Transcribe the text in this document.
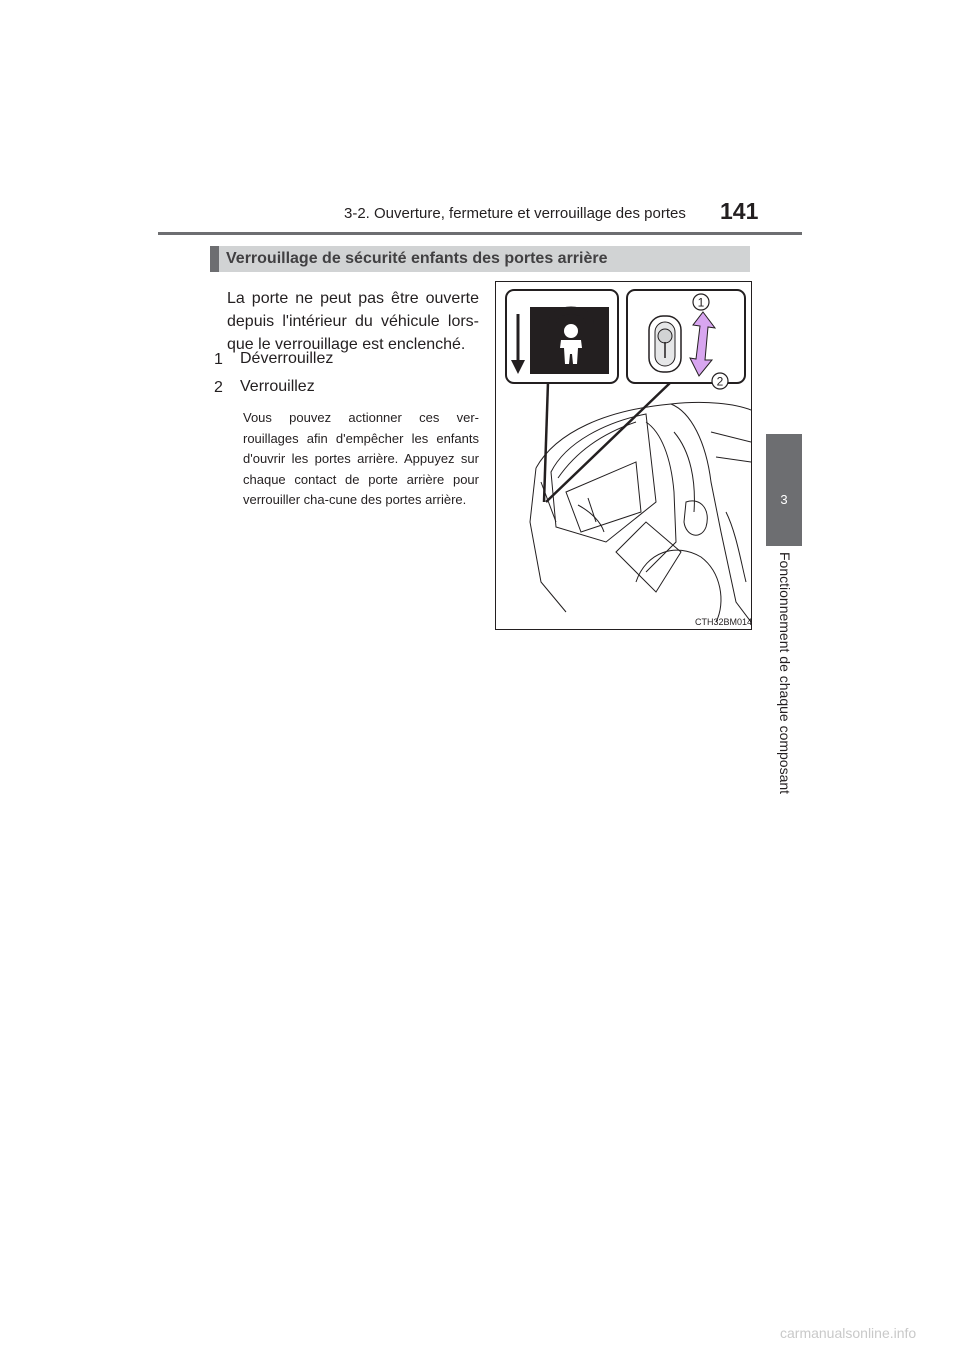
3-2. Ouverture, fermeture et verrouillage des portes 141
3
Fonctionnement de chaque composant
Verrouillage de sécurité enfants des portes arrière
La porte ne peut pas être ouverte depuis l'intérieur du véhicule lors-que le verrouillage est enclenché.
1 Déverrouillez
2 Verrouillez
Vous pouvez actionner ces ver-rouillages afin d'empêcher les enfants d'ouvrir les portes arrière. Appuyez sur chaque contact de porte arrière pour verrouiller cha-cune des portes arrière.
1
2
CTH32BM014
carmanualsonline.info
